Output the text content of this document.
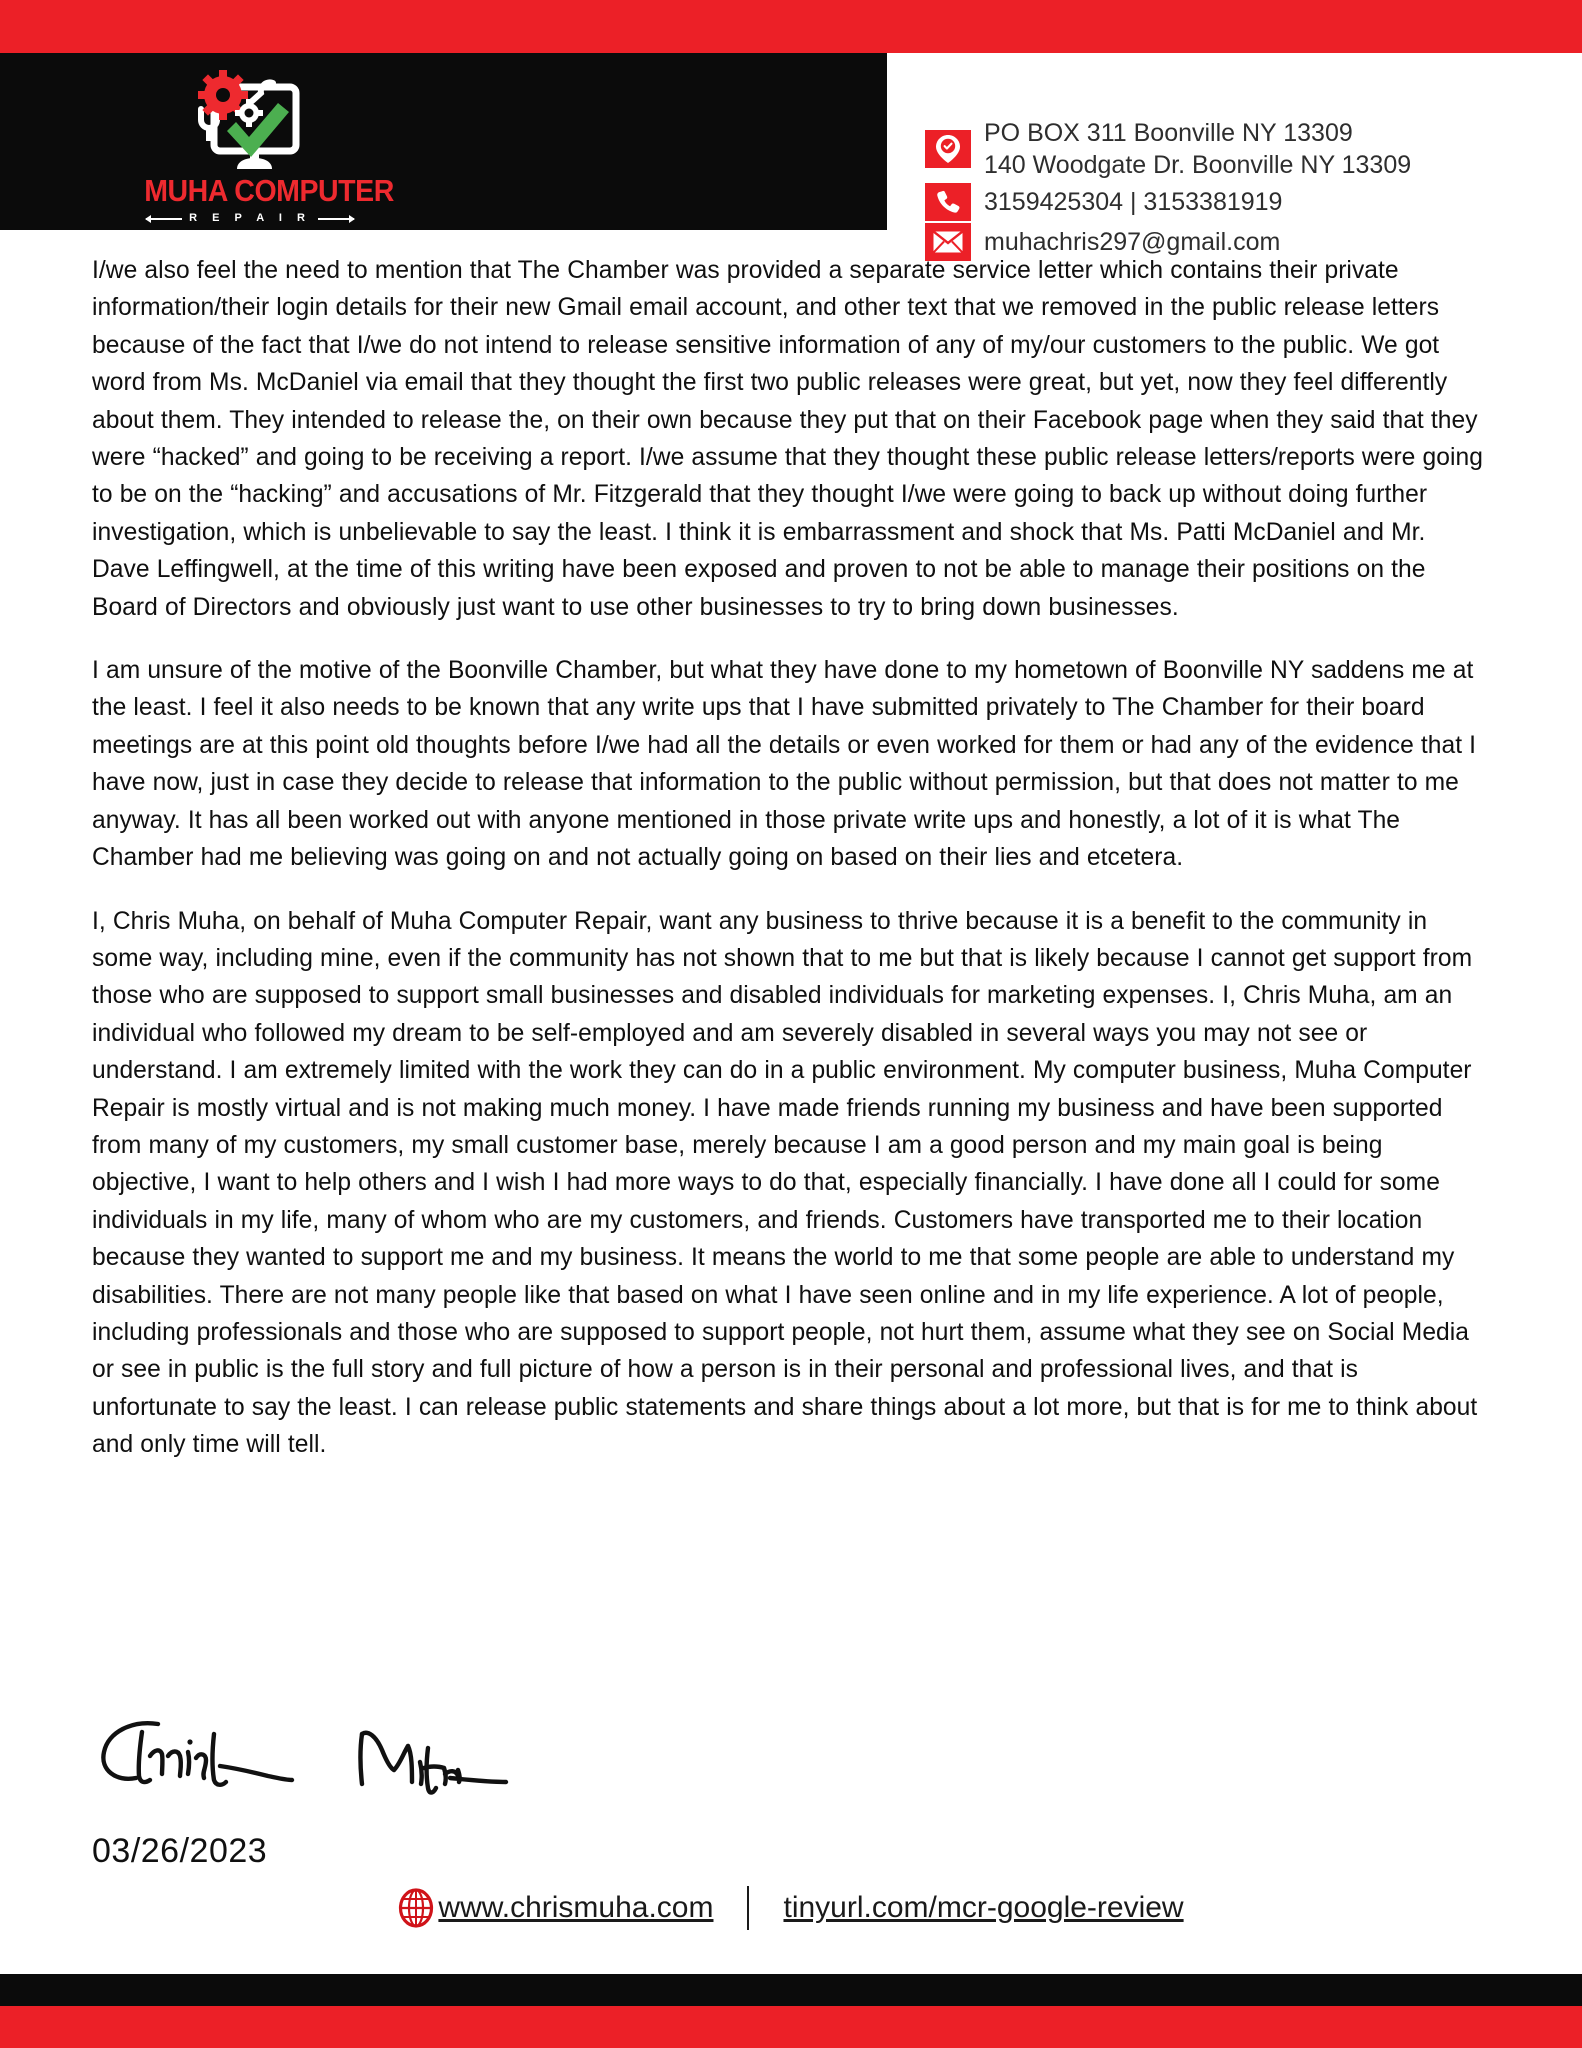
MUHA COMPUTER
R E P A I R
PO BOX 311 Boonville NY 13309
140 Woodgate Dr. Boonville NY 13309
3159425304 | 3153381919
muhachris297@gmail.com

I/we also feel the need to mention that The Chamber was provided a separate service letter which contains their private information/their login details for their new Gmail email account, and other text that we removed in the public release letters because of the fact that I/we do not intend to release sensitive information of any of my/our customers to the public. We got word from Ms. McDaniel via email that they thought the first two public releases were great, but yet, now they feel differently about them. They intended to release the, on their own because they put that on their Facebook page when they said that they were “hacked” and going to be receiving a report. I/we assume that they thought these public release letters/reports were going to be on the “hacking” and accusations of Mr. Fitzgerald that they thought I/we were going to back up without doing further investigation, which is unbelievable to say the least. I think it is embarrassment and shock that Ms. Patti McDaniel and Mr. Dave Leffingwell, at the time of this writing have been exposed and proven to not be able to manage their positions on the Board of Directors and obviously just want to use other businesses to try to bring down businesses.

I am unsure of the motive of the Boonville Chamber, but what they have done to my hometown of Boonville NY saddens me at the least. I feel it also needs to be known that any write ups that I have submitted privately to The Chamber for their board meetings are at this point old thoughts before I/we had all the details or even worked for them or had any of the evidence that I have now, just in case they decide to release that information to the public without permission, but that does not matter to me anyway. It has all been worked out with anyone mentioned in those private write ups and honestly, a lot of it is what The Chamber had me believing was going on and not actually going on based on their lies and etcetera.

I, Chris Muha, on behalf of Muha Computer Repair, want any business to thrive because it is a benefit to the community in some way, including mine, even if the community has not shown that to me but that is likely because I cannot get support from those who are supposed to support small businesses and disabled individuals for marketing expenses. I, Chris Muha, am an individual who followed my dream to be self-employed and am severely disabled in several ways you may not see or understand. I am extremely limited with the work they can do in a public environment. My computer business, Muha Computer Repair is mostly virtual and is not making much money. I have made friends running my business and have been supported from many of my customers, my small customer base, merely because I am a good person and my main goal is being objective, I want to help others and I wish I had more ways to do that, especially financially. I have done all I could for some individuals in my life, many of whom who are my customers, and friends. Customers have transported me to their location because they wanted to support me and my business. It means the world to me that some people are able to understand my disabilities. There are not many people like that based on what I have seen online and in my life experience. A lot of people, including professionals and those who are supposed to support people, not hurt them, assume what they see on Social Media or see in public is the full story and full picture of how a person is in their personal and professional lives, and that is unfortunate to say the least. I can release public statements and share things about a lot more, but that is for me to think about and only time will tell.

03/26/2023
www.chrismuha.com tinyurl.com/mcr-google-review
